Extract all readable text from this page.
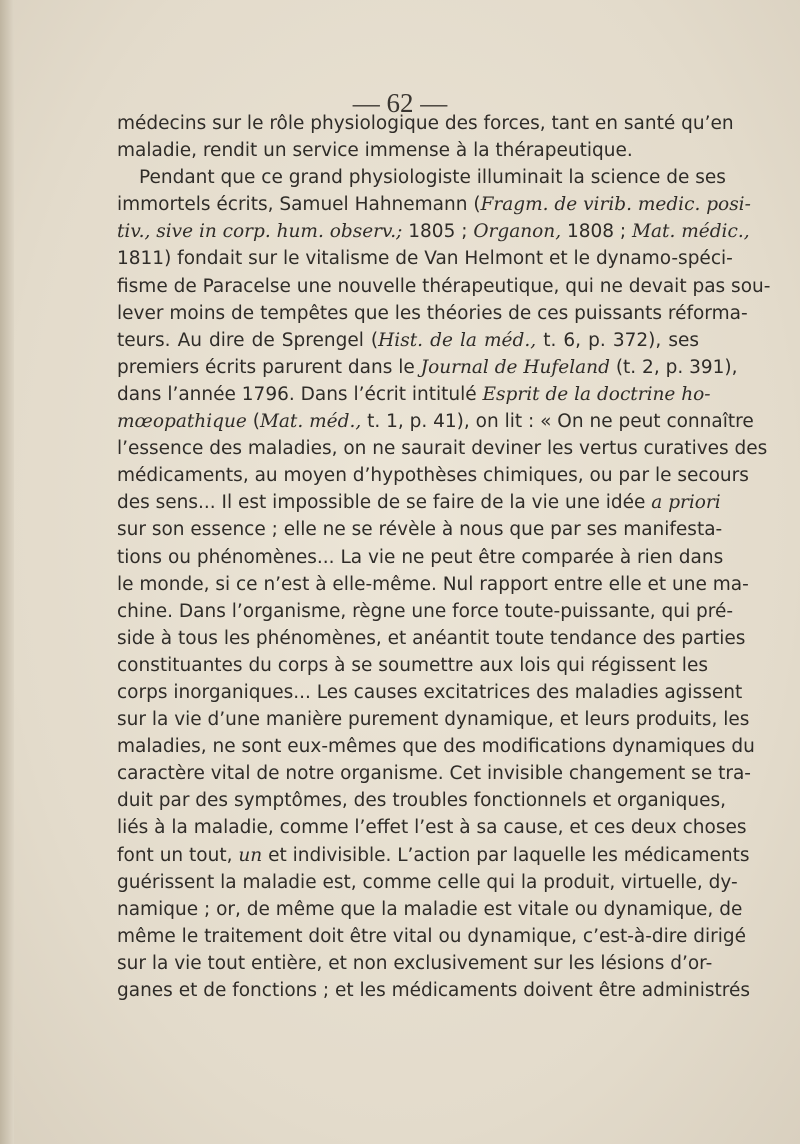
— 62 —
médecins sur le rôle physiologique des forces, tant en santé qu’en
maladie, rendit un service immense à la thérapeutique.
Pendant que ce grand physiologiste illuminait la science de ses
immortels écrits, Samuel Hahnemann (Fragm. de virib. medic. posi-
tiv., sive in corp. hum. observ.; 1805 ; Organon, 1808 ; Mat. médic.,
1811) fondait sur le vitalisme de Van Helmont et le dynamo-spéci-
fisme de Paracelse une nouvelle thérapeutique, qui ne devait pas sou-
lever moins de tempêtes que les théories de ces puissants réforma-
teurs. Au dire de Sprengel (Hist. de la méd., t. 6, p. 372), ses
premiers écrits parurent dans le Journal de Hufeland (t. 2, p. 391),
dans l’année 1796. Dans l’écrit intitulé Esprit de la doctrine ho-
mœopathique (Mat. méd., t. 1, p. 41), on lit : « On ne peut connaître
l’essence des maladies, on ne saurait deviner les vertus curatives des
médicaments, au moyen d’hypothèses chimiques, ou par le secours
des sens... Il est impossible de se faire de la vie une idée a priori
sur son essence ; elle ne se révèle à nous que par ses manifesta-
tions ou phénomènes... La vie ne peut être comparée à rien dans
le monde, si ce n’est à elle-même. Nul rapport entre elle et une ma-
chine. Dans l’organisme, règne une force toute-puissante, qui pré-
side à tous les phénomènes, et anéantit toute tendance des parties
constituantes du corps à se soumettre aux lois qui régissent les
corps inorganiques... Les causes excitatrices des maladies agissent
sur la vie d’une manière purement dynamique, et leurs produits, les
maladies, ne sont eux-mêmes que des modifications dynamiques du
caractère vital de notre organisme. Cet invisible changement se tra-
duit par des symptômes, des troubles fonctionnels et organiques,
liés à la maladie, comme l’effet l’est à sa cause, et ces deux choses
font un tout, un et indivisible. L’action par laquelle les médicaments
guérissent la maladie est, comme celle qui la produit, virtuelle, dy-
namique ; or, de même que la maladie est vitale ou dynamique, de
même le traitement doit être vital ou dynamique, c’est-à-dire dirigé
sur la vie tout entière, et non exclusivement sur les lésions d’or-
ganes et de fonctions ; et les médicaments doivent être administrés
